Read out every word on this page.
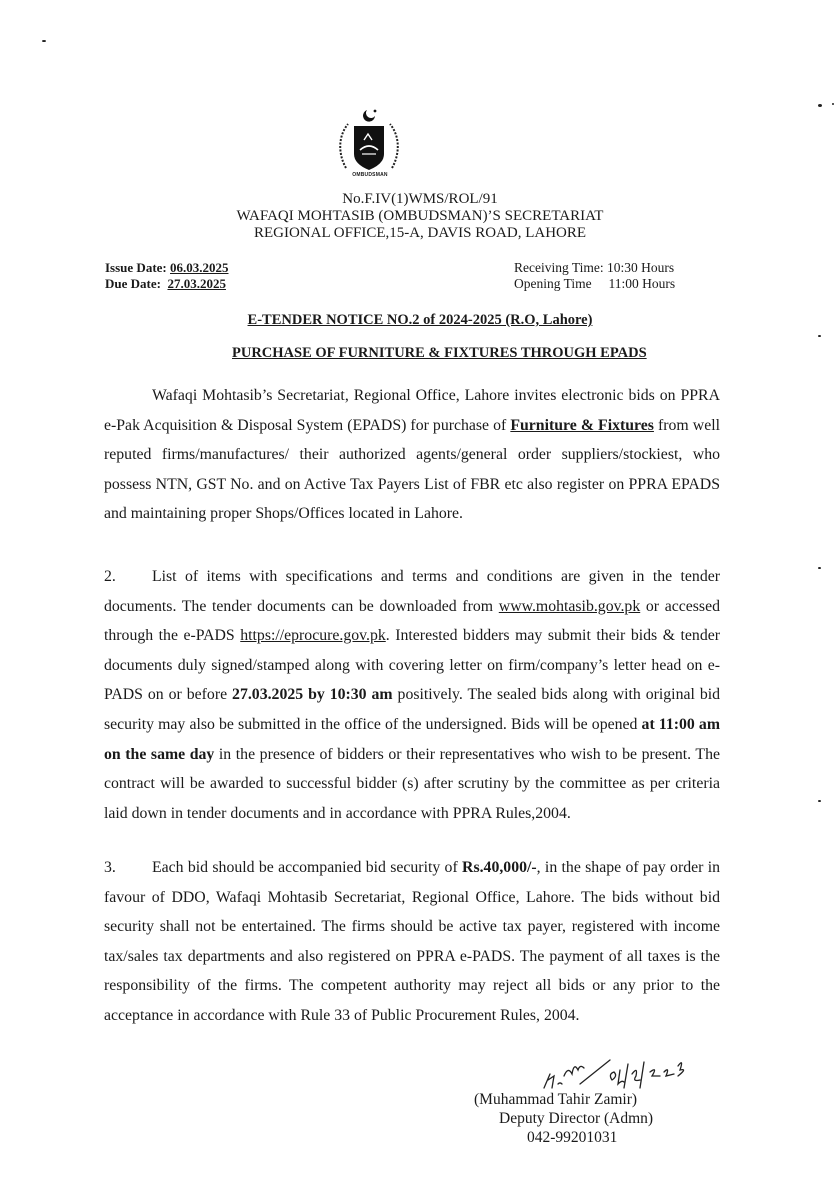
OMBUDSMAN
No.F.IV(1)WMS/ROL/91
WAFAQI MOHTASIB (OMBUDSMAN)’S SECRETARIAT
REGIONAL OFFICE,15-A, DAVIS ROAD, LAHORE
Issue Date: 06.03.2025
Due Date:  27.03.2025
Receiving Time: 10:30 Hours
Opening Time     11:00 Hours
E-TENDER NOTICE NO.2 of 2024-2025 (R.O, Lahore)
PURCHASE OF FURNITURE & FIXTURES THROUGH EPADS
Wafaqi Mohtasib’s Secretariat, Regional Office, Lahore invites electronic bids on PPRA e-Pak Acquisition & Disposal System (EPADS) for purchase of Furniture & Fixtures from well reputed firms/manufactures/ their authorized agents/general order suppliers/stockiest, who possess NTN, GST No. and on Active Tax Payers List of FBR etc also register on PPRA EPADS and maintaining proper Shops/Offices located in Lahore.
2. List of items with specifications and terms and conditions are given in the tender documents. The tender documents can be downloaded from www.mohtasib.gov.pk or accessed through the e-PADS https://eprocure.gov.pk. Interested bidders may submit their bids & tender documents duly signed/stamped along with covering letter on firm/company’s letter head on e-PADS on or before 27.03.2025 by 10:30 am positively. The sealed bids along with original bid security may also be submitted in the office of the undersigned. Bids will be opened at 11:00 am on the same day in the presence of bidders or their representatives who wish to be present. The contract will be awarded to successful bidder (s) after scrutiny by the committee as per criteria laid down in tender documents and in accordance with PPRA Rules,2004.
3. Each bid should be accompanied bid security of Rs.40,000/-, in the shape of pay order in favour of DDO, Wafaqi Mohtasib Secretariat, Regional Office, Lahore. The bids without bid security shall not be entertained. The firms should be active tax payer, registered with income tax/sales tax departments and also registered on PPRA e-PADS. The payment of all taxes is the responsibility of the firms. The competent authority may reject all bids or any prior to the acceptance in accordance with Rule 33 of Public Procurement Rules, 2004.
(Muhammad Tahir Zamir)
Deputy Director (Admn)
042-99201031
